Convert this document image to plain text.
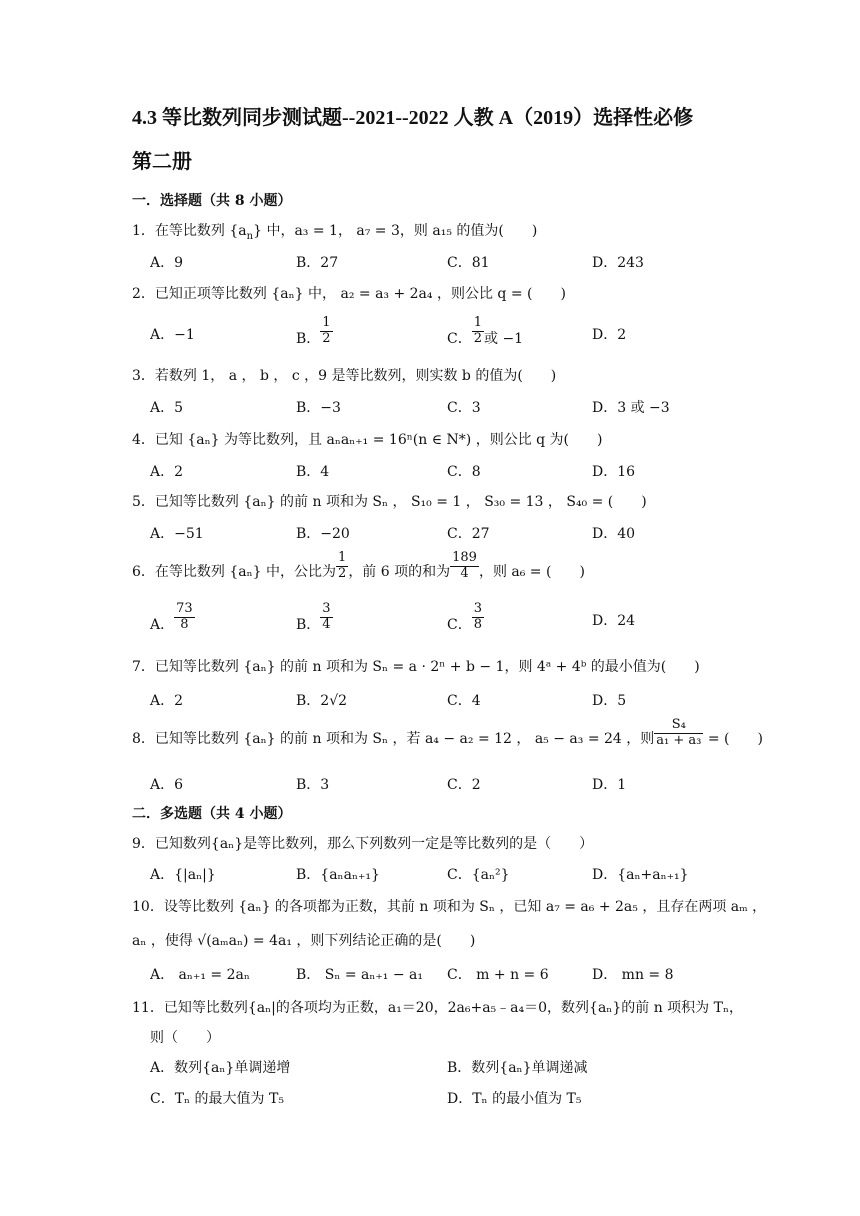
4.3 等比数列同步测试题--2021--2022 人教 A（2019）选择性必修
第二册
一．选择题（共 8 小题）
1．在等比数列 $\{a_n\}$ 中，a₃ = 1， a₇ = 3，则 a₁₅ 的值为(　　)
A．9	B．27	C．81	D．243
2．已知正项等比数列 {aₙ} 中， a₂ = a₃ + 2a₄ ，则公比 q = (　　)
A．−1	B． $\frac{1}{2}$	C． $\frac{1}{2}$ 或 −1	D．2
3．若数列 1， a ， b ， c ，9 是等比数列，则实数 b 的值为(　　)
A．5	B．−3	C．3	D．3 或 −3
4．已知 {aₙ} 为等比数列，且 aₙaₙ₊₁ = 16ⁿ(n ∈ N*) ，则公比 q 为(　　)
A．2	B．4	C．8	D．16
5．已知等比数列 {aₙ} 的前 n 项和为 Sₙ ， S₁₀ = 1 ， S₃₀ = 13 ， S₄₀ = (　　)
A．−51	B．−20	C．27	D．40
6．在等比数列 {aₙ} 中，公比为 $\frac{1}{2}$ ，前 6 项的和为 $\frac{189}{4}$ ，则 a₆ = (　　)
A． $\frac{73}{8}$	B． $\frac{3}{4}$	C． $\frac{3}{8}$	D．24
7．已知等比数列 {aₙ} 的前 n 项和为 Sₙ = a · 2ⁿ + b − 1，则 4ᵃ + 4ᵇ 的最小值为(　　)
A．2	B．2√2	C．4	D．5
8．已知等比数列 {aₙ} 的前 n 项和为 Sₙ ，若 a₄ − a₂ = 12 ， a₅ − a₃ = 24 ，则 $\frac{\text{S₄}}{\text{a₁ + a₃}}$ = (　　)
A．6	B．3	C．2	D．1
二．多选题（共 4 小题）
9．已知数列{aₙ}是等比数列，那么下列数列一定是等比数列的是（　　）
A．{|aₙ|}	B．{aₙaₙ₊₁}	C．{aₙ²}	D．{aₙ+aₙ₊₁}
10．设等比数列 {aₙ} 的各项都为正数，其前 n 项和为 Sₙ ，已知 a₇ = a₆ + 2a₅ ，且存在两项 aₘ ，
aₙ ，使得 √(aₘaₙ) = 4a₁ ，则下列结论正确的是(　　)
A． aₙ₊₁ = 2aₙ	B． Sₙ = aₙ₊₁ − a₁ C． m + n = 6	D． mn = 8
11．已知等比数列{aₙ|的各项均为正数，a₁＝20，2a₆+a₅﹣a₄＝0，数列{aₙ}的前 n 项积为 Tₙ，
则（　　）
A．数列{aₙ}单调递增	B．数列{aₙ}单调递减
C．Tₙ 的最大值为 T₅	D．Tₙ 的最小值为 T₅
